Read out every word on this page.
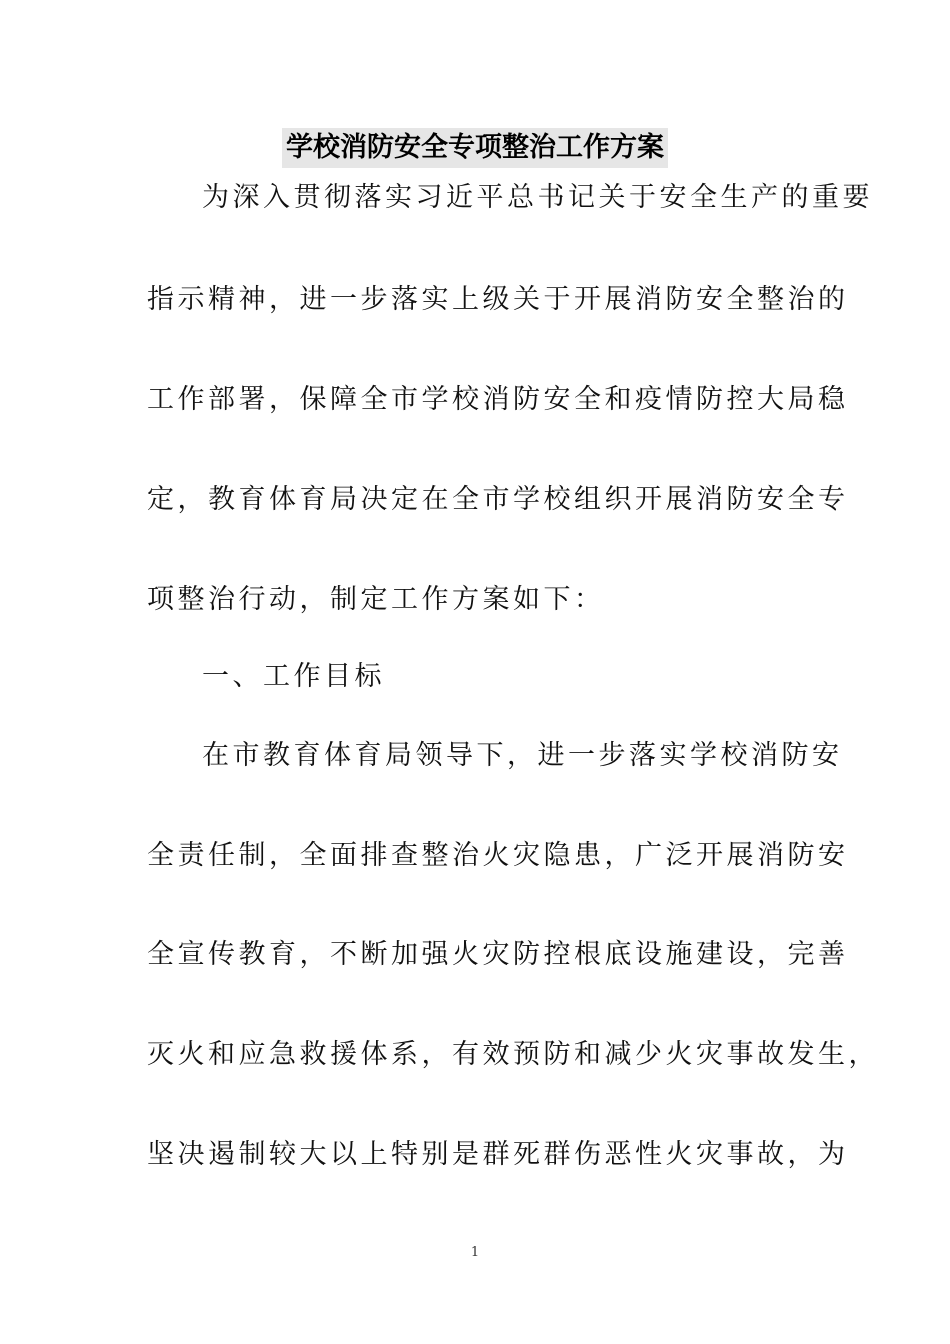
学校消防安全专项整治工作方案
为深入贯彻落实习近平总书记关于安全生产的重要
指示精神，进一步落实上级关于开展消防安全整治的
工作部署，保障全市学校消防安全和疫情防控大局稳
定，教育体育局决定在全市学校组织开展消防安全专
项整治行动，制定工作方案如下：
一、工作目标
在市教育体育局领导下，进一步落实学校消防安
全责任制，全面排查整治火灾隐患，广泛开展消防安
全宣传教育，不断加强火灾防控根底设施建设，完善
灭火和应急救援体系，有效预防和减少火灾事故发生，
坚决遏制较大以上特别是群死群伤恶性火灾事故，为
1
